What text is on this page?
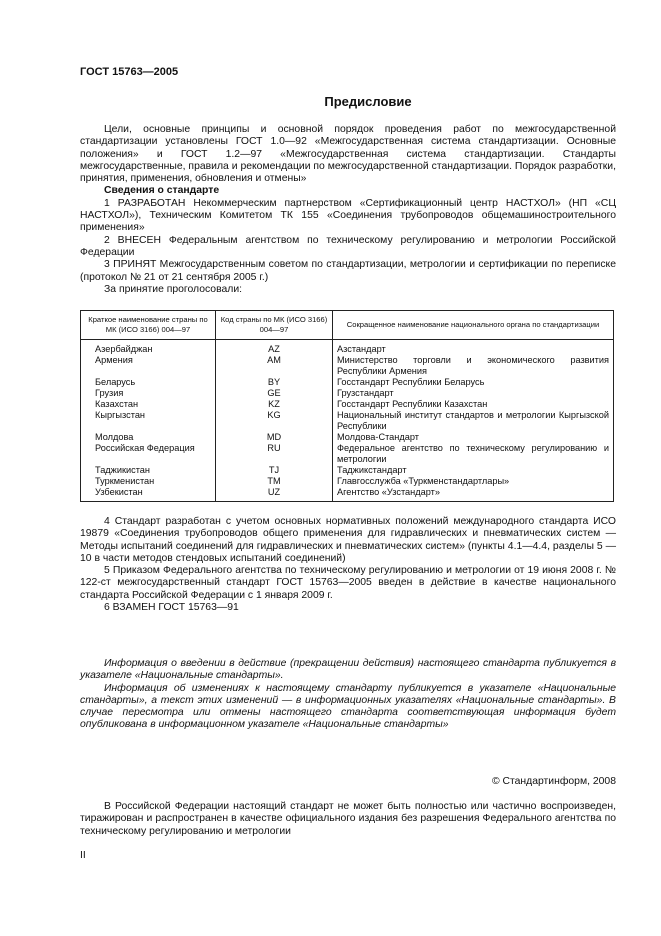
ГОСТ 15763—2005
Предисловие

Цели, основные принципы и основной порядок проведения работ по межгосударственной стандартизации установлены ГОСТ 1.0—92 «Межгосударственная система стандартизации. Основные положения» и ГОСТ 1.2—97 «Межгосударственная система стандартизации. Стандарты межгосударственные, правила и рекомендации по межгосударственной стандартизации. Порядок разработки, принятия, применения, обновления и отмены»

Сведения о стандарте

1 РАЗРАБОТАН Некоммерческим партнерством «Сертификационный центр НАСТХОЛ» (НП «СЦ НАСТХОЛ»), Техническим Комитетом ТК 155 «Соединения трубопроводов общемашиностроительного применения»

2 ВНЕСЕН Федеральным агентством по техническому регулированию и метрологии Российской Федерации

3 ПРИНЯТ Межгосударственным советом по стандартизации, метрологии и сертификации по переписке (протокол № 21 от 21 сентября 2005 г.)

За принятие проголосовали:

Краткое наименование страны по МК (ИСО 3166) 004—97	Код страны по МК (ИСО 3166) 004—97	Сокращенное наименование национального органа по стандартизации
Азербайджан	AZ	Азстандарт
Армения	AM	Министерство торговли и экономического развития Республики Армения
Беларусь	BY	Госстандарт Республики Беларусь
Грузия	GE	Грузстандарт
Казахстан	KZ	Госстандарт Республики Казахстан
Кыргызстан	KG	Национальный институт стандартов и метрологии Кыргызской Республики
Молдова	MD	Молдова-Стандарт
Российская Федерация	RU	Федеральное агентство по техническому регулированию и метрологии
Таджикистан	TJ	Таджикстандарт
Туркменистан	TM	Главгосслужба «Туркменстандартлары»
Узбекистан	UZ	Агентство «Узстандарт»

4 Стандарт разработан с учетом основных нормативных положений международного стандарта ИСО 19879 «Соединения трубопроводов общего применения для гидравлических и пневматических систем — Методы испытаний соединений для гидравлических и пневматических систем» (пункты 4.1—4.4, разделы 5 — 10 в части методов стендовых испытаний соединений)

5 Приказом Федерального агентства по техническому регулированию и метрологии от 19 июня 2008 г. № 122-ст межгосударственный стандарт ГОСТ 15763—2005 введен в действие в качестве национального стандарта Российской Федерации с 1 января 2009 г.

6 ВЗАМЕН ГОСТ 15763—91

Информация о введении в действие (прекращении действия) настоящего стандарта публикуется в указателе «Национальные стандарты».

Информация об изменениях к настоящему стандарту публикуется в указателе «Национальные стандарты», а текст этих изменений — в информационных указателях «Национальные стандарты». В случае пересмотра или отмены настоящего стандарта соответствующая информация будет опубликована в информационном указателе «Национальные стандарты»

© Стандартинформ, 2008

В Российской Федерации настоящий стандарт не может быть полностью или частично воспроизведен, тиражирован и распространен в качестве официального издания без разрешения Федерального агентства по техническому регулированию и метрологии

II
